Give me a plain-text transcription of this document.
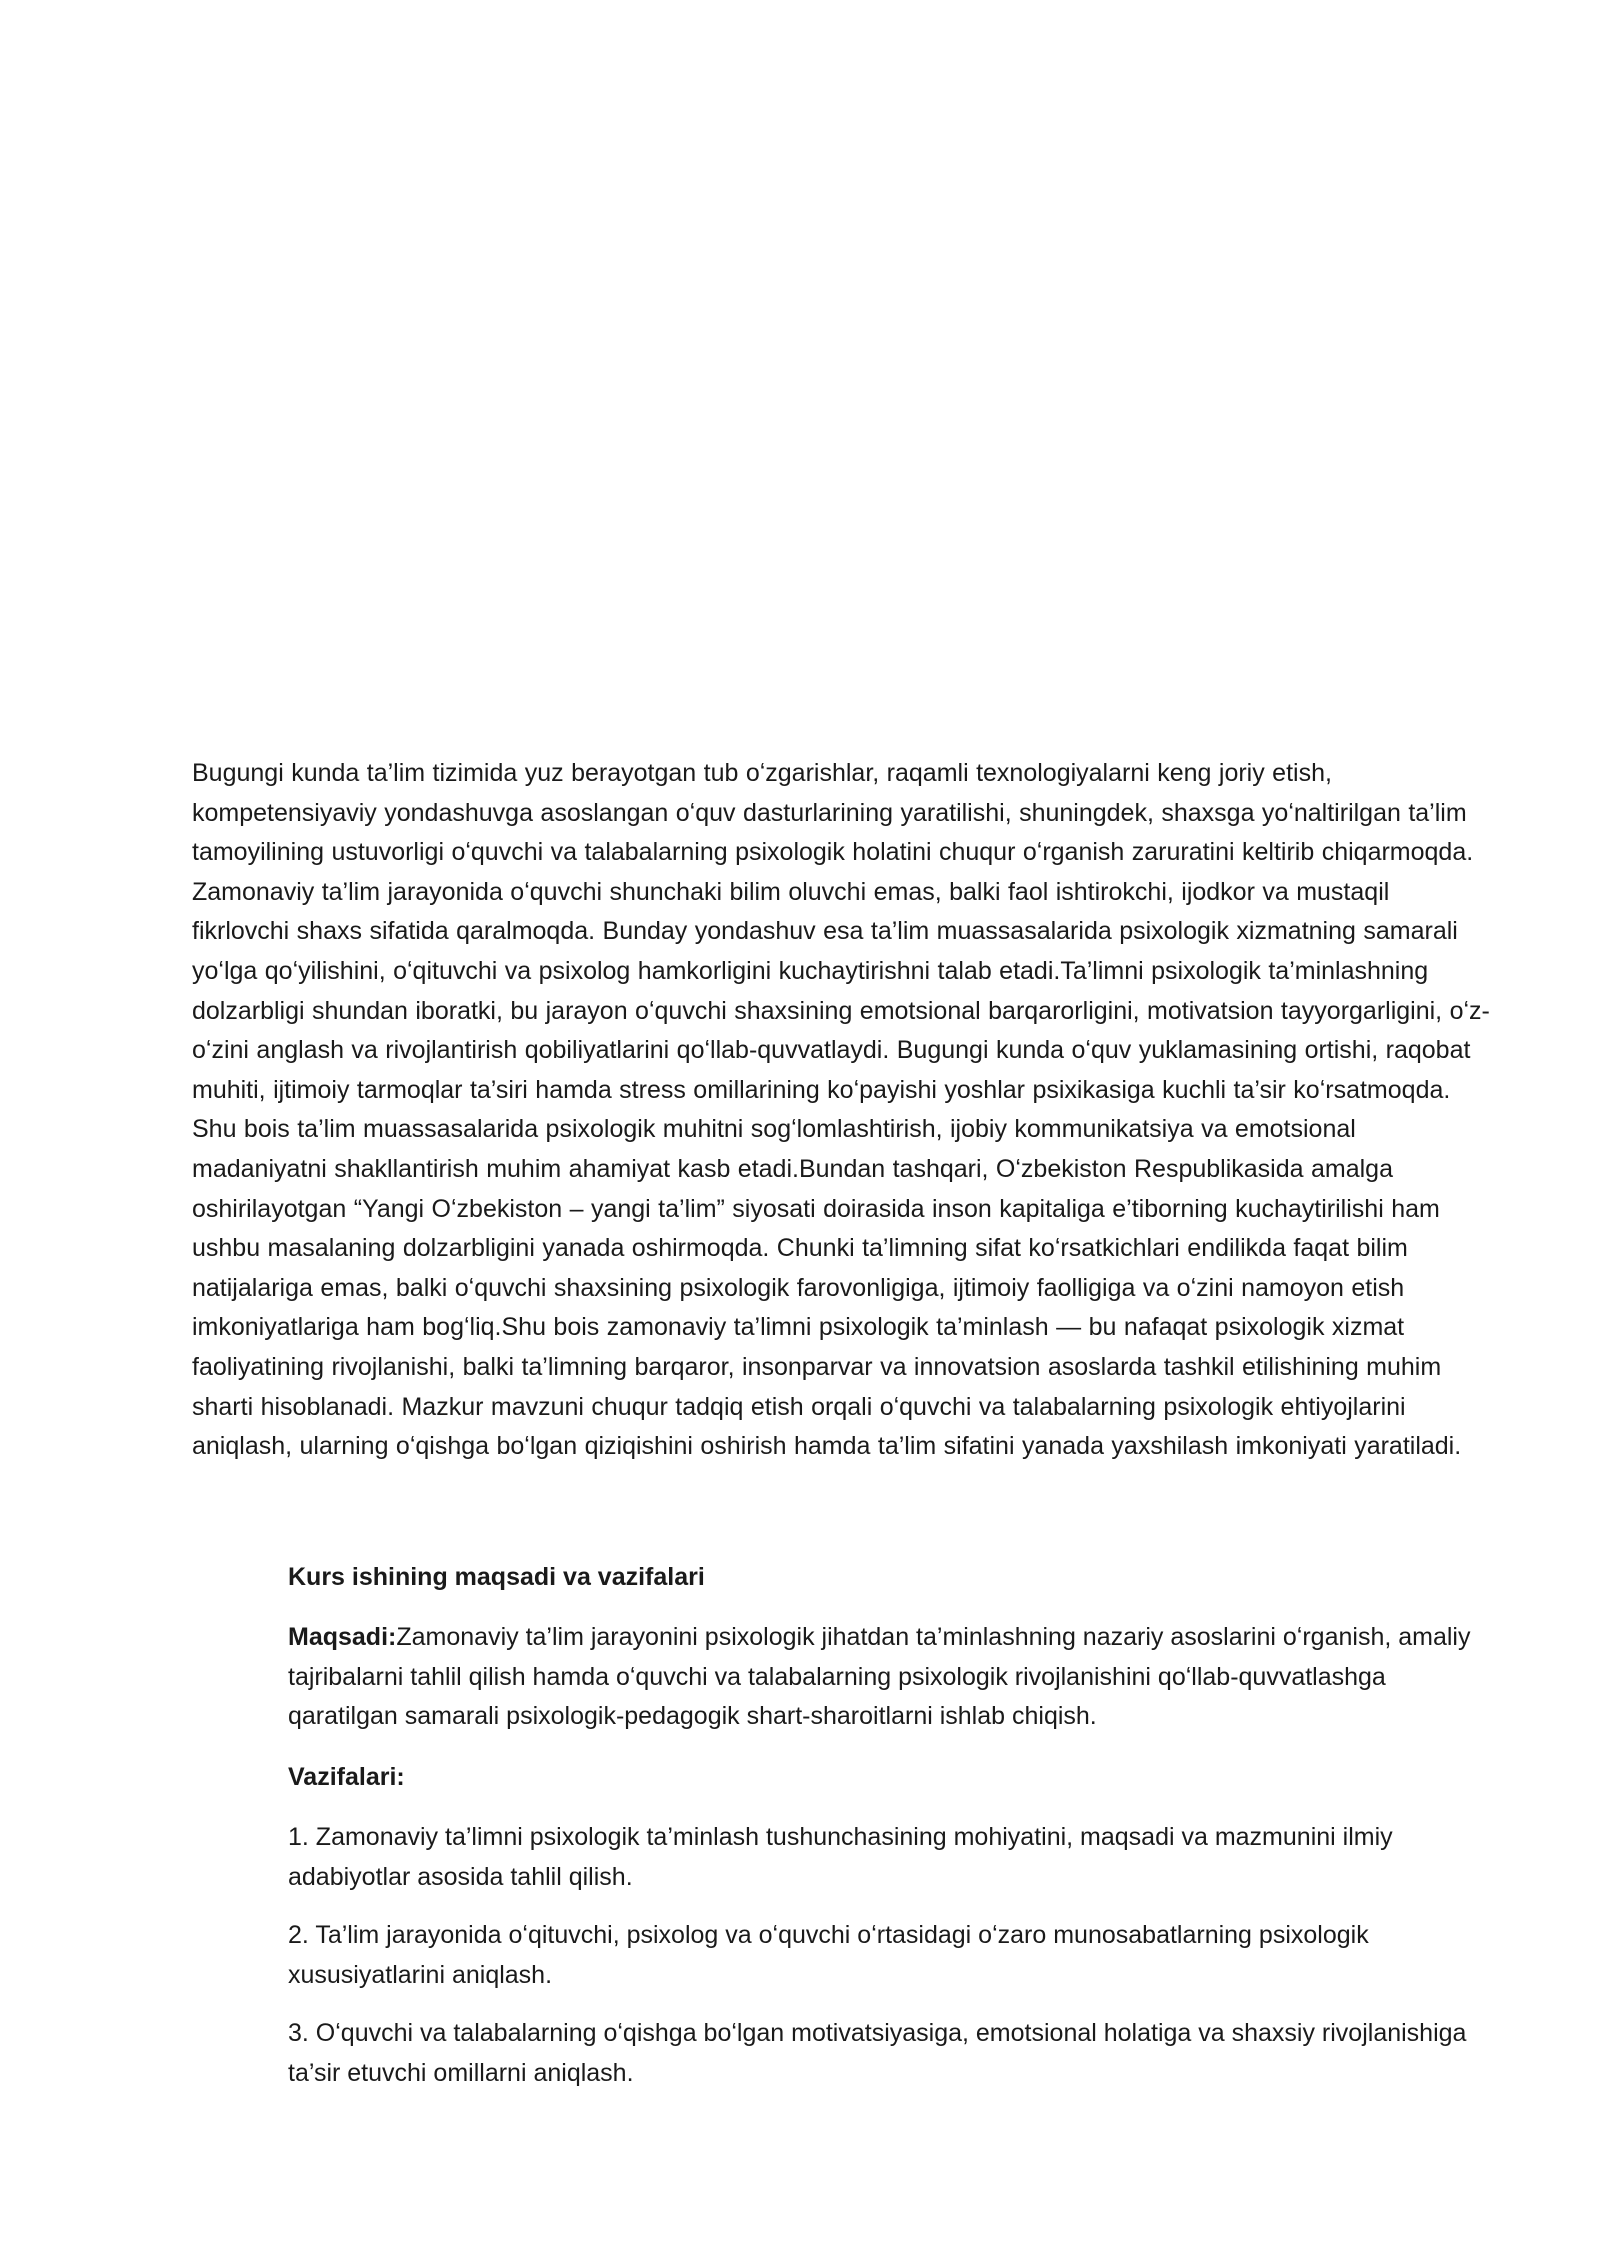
Bugungi kunda ta’lim tizimida yuz berayotgan tub oʻzgarishlar, raqamli texnologiyalarni keng joriy etish, kompetensiyaviy yondashuvga asoslangan oʻquv dasturlarining yaratilishi, shuningdek, shaxsga yoʻnaltirilgan ta’lim tamoyilining ustuvorligi oʻquvchi va talabalarning psixologik holatini chuqur oʻrganish zaruratini keltirib chiqarmoqda. Zamonaviy ta’lim jarayonida oʻquvchi shunchaki bilim oluvchi emas, balki faol ishtirokchi, ijodkor va mustaqil fikrlovchi shaxs sifatida qaralmoqda. Bunday yondashuv esa ta’lim muassasalarida psixologik xizmatning samarali yoʻlga qoʻyilishini, oʻqituvchi va psixolog hamkorligini kuchaytirishni talab etadi.Ta’limni psixologik ta’minlashning dolzarbligi shundan iboratki, bu jarayon oʻquvchi shaxsining emotsional barqarorligini, motivatsion tayyorgarligini, oʻz-oʻzini anglash va rivojlantirish qobiliyatlarini qoʻllab-quvvatlaydi. Bugungi kunda oʻquv yuklamasining ortishi, raqobat muhiti, ijtimoiy tarmoqlar ta’siri hamda stress omillarining koʻpayishi yoshlar psixikasiga kuchli ta’sir koʻrsatmoqda. Shu bois ta’lim muassasalarida psixologik muhitni sogʻlomlashtirish, ijobiy kommunikatsiya va emotsional madaniyatni shakllantirish muhim ahamiyat kasb etadi.Bundan tashqari, Oʻzbekiston Respublikasida amalga oshirilayotgan “Yangi Oʻzbekiston – yangi ta’lim” siyosati doirasida inson kapitaliga e’tiborning kuchaytirilishi ham ushbu masalaning dolzarbligini yanada oshirmoqda. Chunki ta’limning sifat koʻrsatkichlari endilikda faqat bilim natijalariga emas, balki oʻquvchi shaxsining psixologik farovonligiga, ijtimoiy faolligiga va oʻzini namoyon etish imkoniyatlariga ham bogʻliq.Shu bois zamonaviy ta’limni psixologik ta’minlash — bu nafaqat psixologik xizmat faoliyatining rivojlanishi, balki ta’limning barqaror, insonparvar va innovatsion asoslarda tashkil etilishining muhim sharti hisoblanadi. Mazkur mavzuni chuqur tadqiq etish orqali oʻquvchi va talabalarning psixologik ehtiyojlarini aniqlash, ularning oʻqishga boʻlgan qiziqishini oshirish hamda ta’lim sifatini yanada yaxshilash imkoniyati yaratiladi.

Kurs ishining maqsadi va vazifalari

Maqsadi:Zamonaviy ta’lim jarayonini psixologik jihatdan ta’minlashning nazariy asoslarini oʻrganish, amaliy tajribalarni tahlil qilish hamda oʻquvchi va talabalarning psixologik rivojlanishini qoʻllab-quvvatlashga qaratilgan samarali psixologik-pedagogik shart-sharoitlarni ishlab chiqish.

Vazifalari:

1. Zamonaviy ta’limni psixologik ta’minlash tushunchasining mohiyatini, maqsadi va mazmunini ilmiy adabiyotlar asosida tahlil qilish.

2. Ta’lim jarayonida oʻqituvchi, psixolog va oʻquvchi oʻrtasidagi oʻzaro munosabatlarning psixologik xususiyatlarini aniqlash.

3. Oʻquvchi va talabalarning oʻqishga boʻlgan motivatsiyasiga, emotsional holatiga va shaxsiy rivojlanishiga ta’sir etuvchi omillarni aniqlash.
